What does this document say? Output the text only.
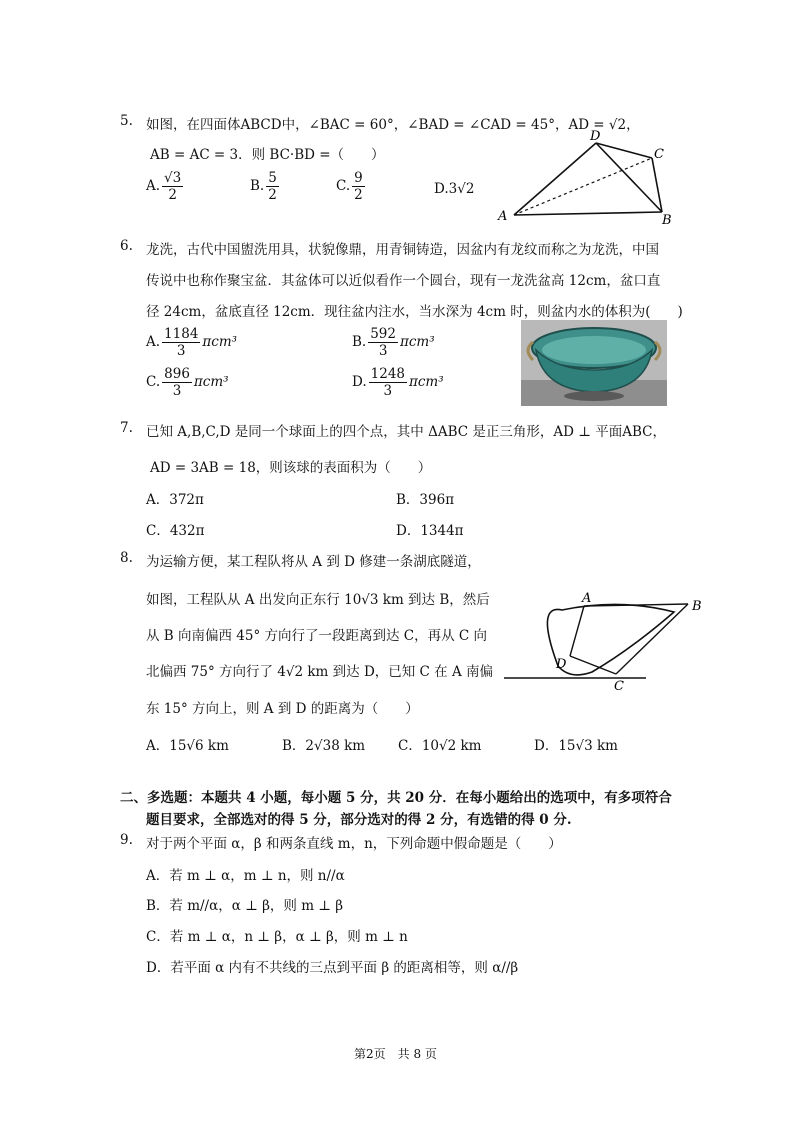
5. 如图，在四面体ABCD中，∠BAC = 60°，∠BAD = ∠CAD = 45°，AD = √2，
AB = AC = 3．则 BC·BD =（　　）
A. $\frac{√3}{2}$	B. $\frac{5}{2}$	C. $\frac{9}{2}$	D.3√2
D
C
A	B
6. 龙洗，古代中国盥洗用具，状貌像鼎，用青铜铸造，因盆内有龙纹而称之为龙洗，中国
传说中也称作聚宝盆．其盆体可以近似看作一个圆台，现有一龙洗盆高 12cm，盆口直
径 24cm，盆底直径 12cm．现往盆内注水，当水深为 4cm 时，则盆内水的体积为(　　)
A. $\frac{1184}{3} \pi cm^3$	B. $\frac{592}{3} \pi cm^3$
C. $\frac{896}{3} \pi cm^3$	D. $\frac{1248}{3} \pi cm^3$
7. 已知 A,B,C,D 是同一个球面上的四个点，其中 ΔABC 是正三角形，AD ⊥ 平面ABC，
AD = 3AB = 18，则该球的表面积为（　　）
A．372π	B．396π
C．432π	D．1344π
8. 为运输方便，某工程队将从 A 到 D 修建一条湖底隧道，
如图，工程队从 A 出发向正东行 10√3 km 到达 B，然后
从 B 向南偏西 45° 方向行了一段距离到达 C，再从 C 向
北偏西 75° 方向行了 4√2 km 到达 D，已知 C 在 A 南偏
东 15° 方向上，则 A 到 D 的距离为（　　）
A．15√6 km	B．2√38 km C．10√2 km	D．15√3 km
A
B
C
D
二、多选题：本题共 4 小题，每小题 5 分，共 20 分．在每小题给出的选项中，有多项符合
题目要求，全部选对的得 5 分，部分选对的得 2 分，有选错的得 0 分.
9. 对于两个平面 α，β 和两条直线 m，n，下列命题中假命题是（　　）
A．若 m ⊥ α，m ⊥ n，则 n//α
B．若 m//α，α ⊥ β，则 m ⊥ β
C．若 m ⊥ α，n ⊥ β，α ⊥ β，则 m ⊥ n
D．若平面 α 内有不共线的三点到平面 β 的距离相等，则 α//β
第2页　共 8 页
